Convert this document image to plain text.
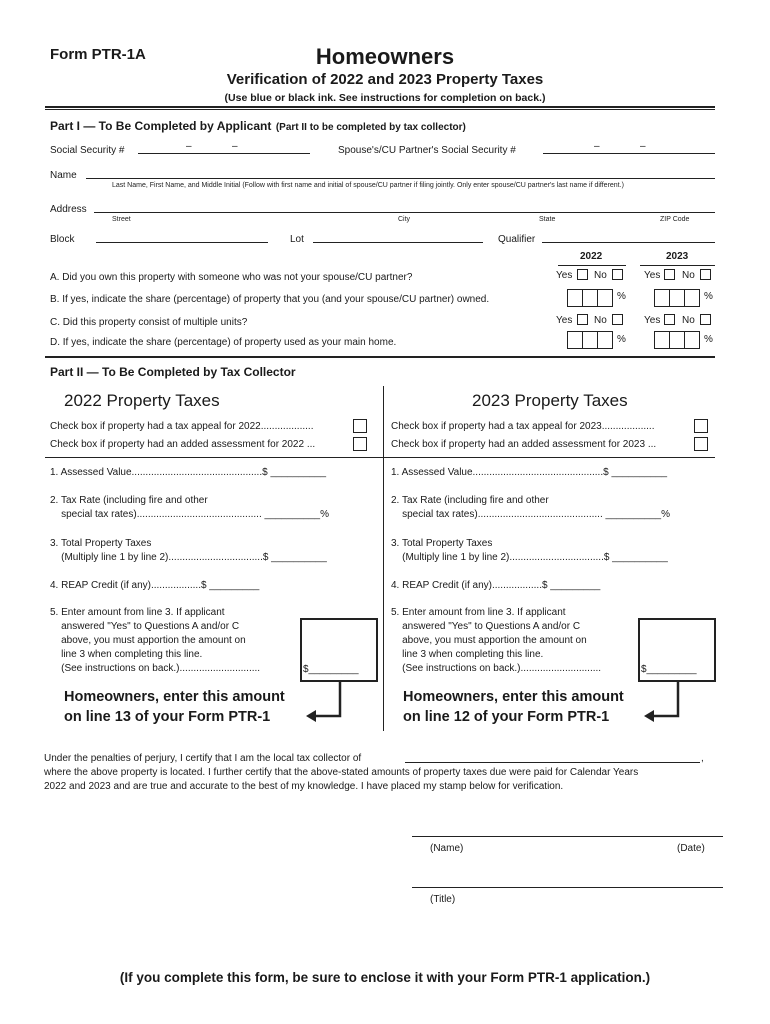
Form PTR-1A	Homeowners
Verification of 2022 and 2023 Property Taxes
(Use blue or black ink. See instructions for completion on back.)
Part I — To Be Completed by Applicant (Part II to be completed by tax collector)
Social Security #	–	–	Spouse's/CU Partner's Social Security #	–	–
Name
Last Name, First Name, and Middle Initial (Follow with first name and initial of spouse/CU partner if filing jointly. Only enter spouse/CU partner's last name if different.)
Address
Street	City	State	ZIP Code
Block	Lot	Qualifier
2022	2023
A. Did you own this property with someone who was not your spouse/CU partner?	Yes No	Yes No
B. If yes, indicate the share (percentage) of property that you (and your spouse/CU partner) owned.	%	%
C. Did this property consist of multiple units?	Yes No	Yes No
D. If yes, indicate the share (percentage) of property used as your main home.	%	%
Part II — To Be Completed by Tax Collector
2022 Property Taxes
Check box if property had a tax appeal for 2022...................
Check box if property had an added assessment for 2022 ...
1. Assessed Value...............................................$ __________
2. Tax Rate (including fire and other
special tax rates)............................................. __________%
3. Total Property Taxes
(Multiply line 1 by line 2)..................................$ __________
4. REAP Credit (if any)..................$ _________
5. Enter amount from line 3. If applicant
answered "Yes" to Questions A and/or C
above, you must apportion the amount on
line 3 when completing this line.
(See instructions on back.).............................	$_________
Homeowners, enter this amount
on line 13 of your Form PTR-1
2023 Property Taxes
Check box if property had a tax appeal for 2023...................
Check box if property had an added assessment for 2023 ...
1. Assessed Value...............................................$ __________
2. Tax Rate (including fire and other
special tax rates)............................................. __________%
3. Total Property Taxes
(Multiply line 1 by line 2)..................................$ __________
4. REAP Credit (if any)..................$ _________
5. Enter amount from line 3. If applicant
answered "Yes" to Questions A and/or C
above, you must apportion the amount on
line 3 when completing this line.
(See instructions on back.).............................	$_________
Homeowners, enter this amount
on line 12 of your Form PTR-1
Under the penalties of perjury, I certify that I am the local tax collector of	,
where the above property is located. I further certify that the above-stated amounts of property taxes due were paid for Calendar Years
2022 and 2023 and are true and accurate to the best of my knowledge. I have placed my stamp below for verification.
(Name)	(Date)
(Title)
(If you complete this form, be sure to enclose it with your Form PTR-1 application.)
